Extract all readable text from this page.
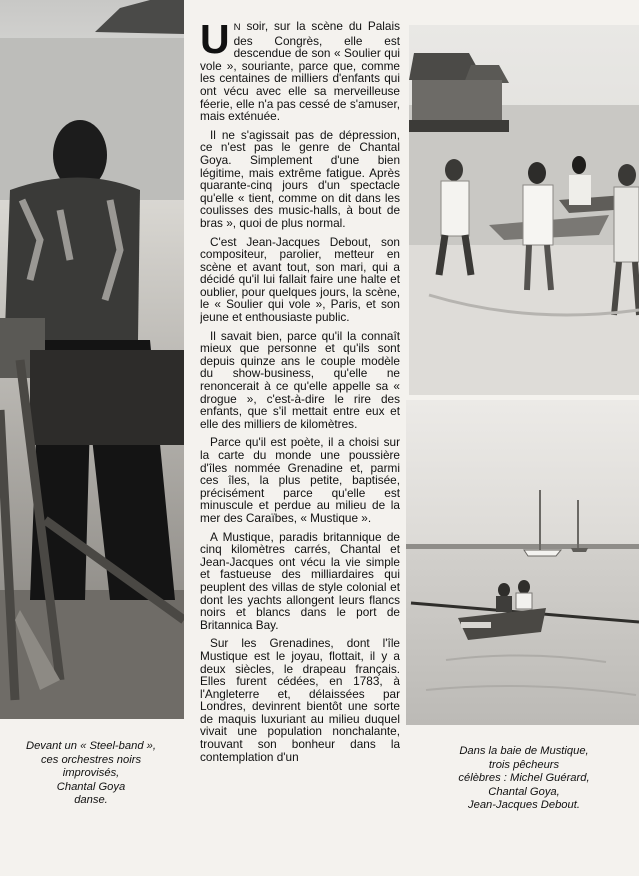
Devant un « Steel-band »,
ces orchestres noirs
improvisés,
Chantal Goya
danse.
Dans la baie de Mustique,
trois pêcheurs
célèbres : Michel Guérard,
Chantal Goya,
Jean-Jacques Debout.

U N soir, sur la scène du Palais des Congrès, elle est descendue de son « Soulier qui vole », souriante, parce que, comme les centaines de milliers d'enfants qui ont vécu avec elle sa merveilleuse féerie, elle n'a pas cessé de s'amuser, mais exténuée.

Il ne s'agissait pas de dépression, ce n'est pas le genre de Chantal Goya. Simplement d'une bien légitime, mais extrême fatigue. Après quarante-cinq jours d'un spectacle qu'elle « tient, comme on dit dans les coulisses des music-halls, à bout de bras », quoi de plus normal.

C'est Jean-Jacques Debout, son compositeur, parolier, metteur en scène et avant tout, son mari, qui a décidé qu'il lui fallait faire une halte et oublier, pour quelques jours, la scène, le « Soulier qui vole », Paris, et son jeune et enthousiaste public.

Il savait bien, parce qu'il la connaît mieux que personne et qu'ils sont depuis quinze ans le couple modèle du show-business, qu'elle ne renoncerait à ce qu'elle appelle sa « drogue », c'est-à-dire le rire des enfants, que s'il mettait entre eux et elle des milliers de kilomètres.

Parce qu'il est poète, il a choisi sur la carte du monde une poussière d'îles nommée Grenadine et, parmi ces îles, la plus petite, baptisée, précisément parce qu'elle est minuscule et perdue au milieu de la mer des Caraïbes, « Mustique ».

A Mustique, paradis britannique de cinq kilomètres carrés, Chantal et Jean-Jacques ont vécu la vie simple et fastueuse des milliardaires qui peuplent des villas de style colonial et dont les yachts allongent leurs flancs noirs et blancs dans le port de Britannica Bay.

Sur les Grenadines, dont l'île Mustique est le joyau, flottait, il y a deux siècles, le drapeau français. Elles furent cédées, en 1783, à l'Angleterre et, délaissées par Londres, devinrent bientôt une sorte de maquis luxuriant au milieu duquel vivait une population nonchalante, trouvant son bonheur dans la contemplation d'un
